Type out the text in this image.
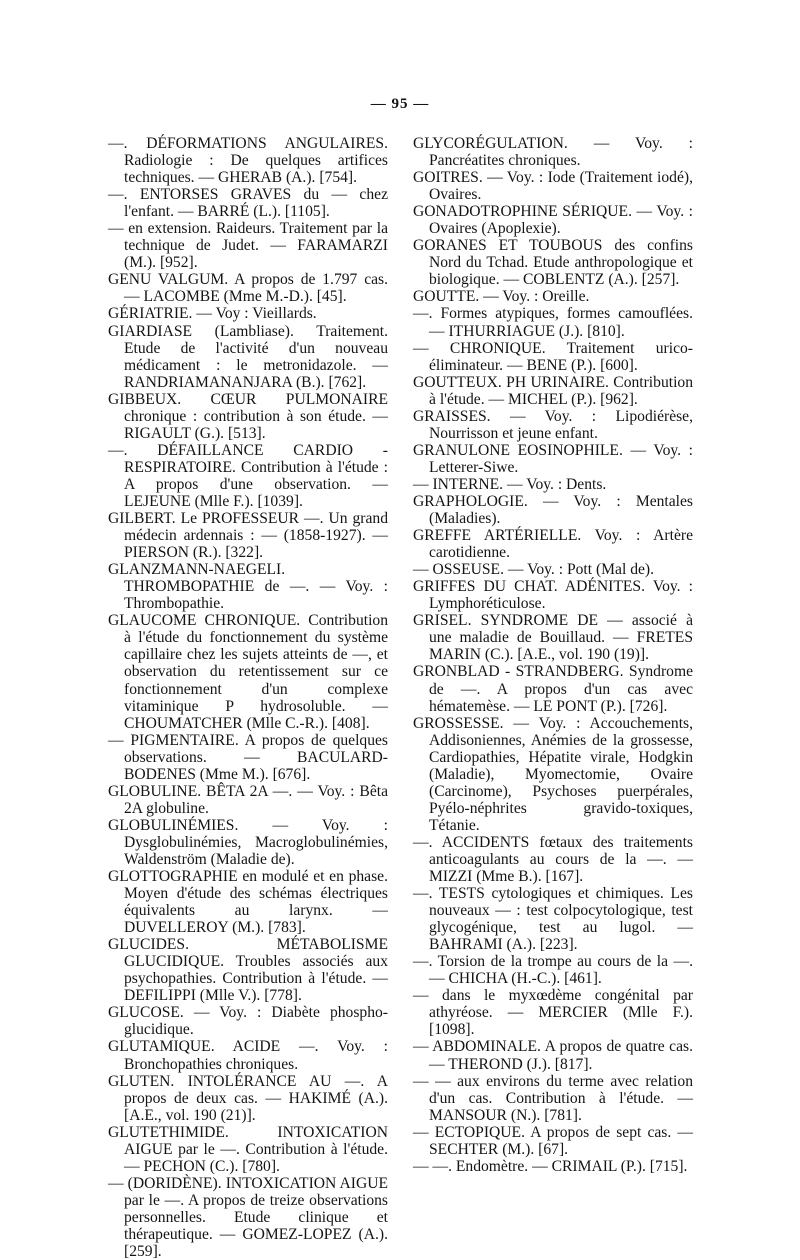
— 95 —

—. DÉFORMATIONS ANGULAIRES. Radiologie : De quelques artifices techniques. — GHERAB (A.). [754].

—. ENTORSES GRAVES du — chez l'enfant. — BARRÉ (L.). [1105].

— en extension. Raideurs. Traitement par la technique de Judet. — FARAMARZI (M.). [952].

GENU VALGUM. A propos de 1.797 cas. — LACOMBE (Mme M.-D.). [45].

GÉRIATRIE. — Voy : Vieillards.

GIARDIASE (Lambliase). Traitement. Etude de l'activité d'un nouveau médicament : le metronidazole. — RANDRIAMANANJARA (B.). [762].

GIBBEUX. CŒUR PULMONAIRE chronique : contribution à son étude. — RIGAULT (G.). [513].

—. DÉFAILLANCE CARDIO - RESPIRATOIRE. Contribution à l'étude : A propos d'une observation. — LEJEUNE (Mlle F.). [1039].

GILBERT. Le PROFESSEUR —. Un grand médecin ardennais : — (1858-1927). — PIERSON (R.). [322].

GLANZMANN-NAEGELI. THROMBOPATHIE de —. — Voy. : Thrombopathie.

GLAUCOME CHRONIQUE. Contribution à l'étude du fonctionnement du système capillaire chez les sujets atteints de —, et observation du retentissement sur ce fonctionnement d'un complexe vitaminique P hydrosoluble. — CHOUMATCHER (Mlle C.-R.). [408].

— PIGMENTAIRE. A propos de quelques observations. — BACULARD-BODENES (Mme M.). [676].

GLOBULINE. BÊTA 2A —. — Voy. : Bêta 2A globuline.

GLOBULINÉMIES. — Voy. : Dysglobulinémies, Macroglobulinémies, Waldenström (Maladie de).

GLOTTOGRAPHIE en modulé et en phase. Moyen d'étude des schémas électriques équivalents au larynx. — DUVELLEROY (M.). [783].

GLUCIDES. MÉTABOLISME GLUCIDIQUE. Troubles associés aux psychopathies. Contribution à l'étude. — DEFILIPPI (Mlle V.). [778].

GLUCOSE. — Voy. : Diabète phospho-glucidique.

GLUTAMIQUE. ACIDE —. Voy. : Bronchopathies chroniques.

GLUTEN. INTOLÉRANCE AU —. A propos de deux cas. — HAKIMÉ (A.). [A.E., vol. 190 (21)].

GLUTETHIMIDE. INTOXICATION AIGUE par le —. Contribution à l'étude. — PECHON (C.). [780].

— (DORIDÈNE). INTOXICATION AIGUE par le —. A propos de treize observations personnelles. Etude clinique et thérapeutique. — GOMEZ-LOPEZ (A.). [259].

GLYCORÉGULATION. — Voy. : Pancréatites chroniques.

GOITRES. — Voy. : Iode (Traitement iodé), Ovaires.

GONADOTROPHINE SÉRIQUE. — Voy. : Ovaires (Apoplexie).

GORANES ET TOUBOUS des confins Nord du Tchad. Etude anthropologique et biologique. — COBLENTZ (A.). [257].

GOUTTE. — Voy. : Oreille.

—. Formes atypiques, formes camouflées. — ITHURRIAGUE (J.). [810].

— CHRONIQUE. Traitement urico-éliminateur. — BENE (P.). [600].

GOUTTEUX. PH URINAIRE. Contribution à l'étude. — MICHEL (P.). [962].

GRAISSES. — Voy. : Lipodiérèse, Nourrisson et jeune enfant.

GRANULONE EOSINOPHILE. — Voy. : Letterer-Siwe.

— INTERNE. — Voy. : Dents.

GRAPHOLOGIE. — Voy. : Mentales (Maladies).

GREFFE ARTÉRIELLE. Voy. : Artère carotidienne.

— OSSEUSE. — Voy. : Pott (Mal de).

GRIFFES DU CHAT. ADÉNITES. Voy. : Lymphoréticulose.

GRISEL. SYNDROME DE — associé à une maladie de Bouillaud. — FRETES MARIN (C.). [A.E., vol. 190 (19)].

GRONBLAD - STRANDBERG. Syndrome de —. A propos d'un cas avec hématemèse. — LE PONT (P.). [726].

GROSSESSE. — Voy. : Accouchements, Addisoniennes, Anémies de la grossesse, Cardiopathies, Hépatite virale, Hodgkin (Maladie), Myomectomie, Ovaire (Carcinome), Psychoses puerpérales, Pyélo-néphrites gravido-toxiques, Tétanie.

—. ACCIDENTS fœtaux des traitements anticoagulants au cours de la —. — MIZZI (Mme B.). [167].

—. TESTS cytologiques et chimiques. Les nouveaux — : test colpocytologique, test glycogénique, test au lugol. — BAHRAMI (A.). [223].

—. Torsion de la trompe au cours de la —. — CHICHA (H.-C.). [461].

— dans le myxœdème congénital par athyréose. — MERCIER (Mlle F.). [1098].

— ABDOMINALE. A propos de quatre cas. — THEROND (J.). [817].

— — aux environs du terme avec relation d'un cas. Contribution à l'étude. — MANSOUR (N.). [781].

— ECTOPIQUE. A propos de sept cas. — SECHTER (M.). [67].

— —. Endomètre. — CRIMAIL (P.). [715].
